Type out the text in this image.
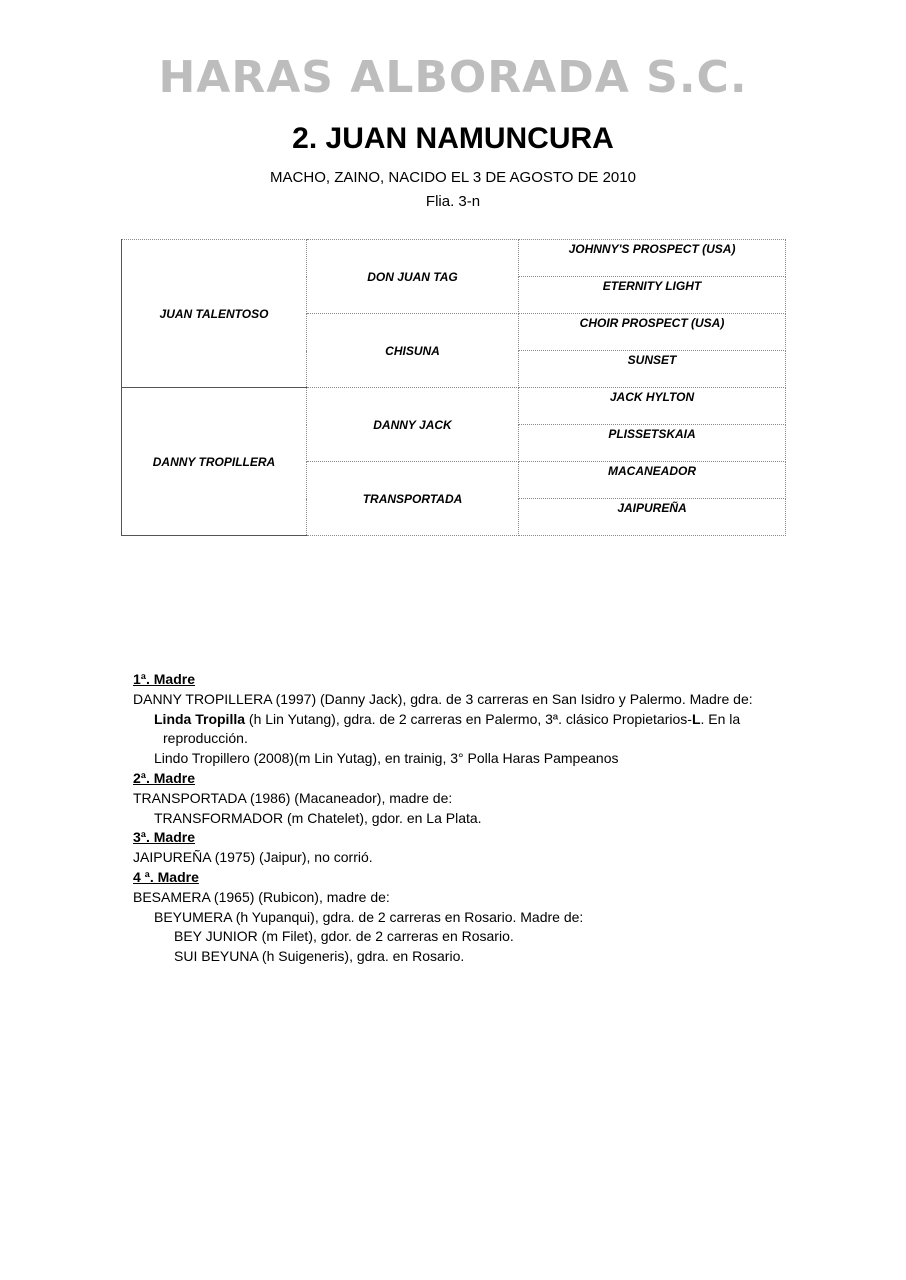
HARAS ALBORADA S.C.
2. JUAN NAMUNCURA
MACHO, ZAINO, NACIDO EL 3 DE AGOSTO DE 2010
Flia. 3-n
JUAN TALENTOSO	DON JUAN TAG	JOHNNY'S PROSPECT (USA)
		ETERNITY LIGHT
	CHISUNA	CHOIR PROSPECT (USA)
		SUNSET
DANNY TROPILLERA	DANNY JACK	JACK HYLTON
		PLISSETSKAIA
	TRANSPORTADA	MACANEADOR
		JAIPUREÑA
1ª. Madre
DANNY TROPILLERA (1997) (Danny Jack), gdra. de 3 carreras en San Isidro y Palermo. Madre de:
Linda Tropilla (h Lin Yutang), gdra. de 2 carreras en Palermo, 3ª. clásico Propietarios-L. En la
reproducción.
Lindo Tropillero (2008)(m Lin Yutag), en trainig, 3° Polla Haras Pampeanos
2ª. Madre
TRANSPORTADA (1986) (Macaneador), madre de:
TRANSFORMADOR (m Chatelet), gdor. en La Plata.
3ª. Madre
JAIPUREÑA (1975) (Jaipur), no corrió.
4 ª. Madre
BESAMERA (1965) (Rubicon), madre de:
BEYUMERA (h Yupanqui), gdra. de 2 carreras en Rosario. Madre de:
BEY JUNIOR (m Filet), gdor. de 2 carreras en Rosario.
SUI BEYUNA (h Suigeneris), gdra. en Rosario.
